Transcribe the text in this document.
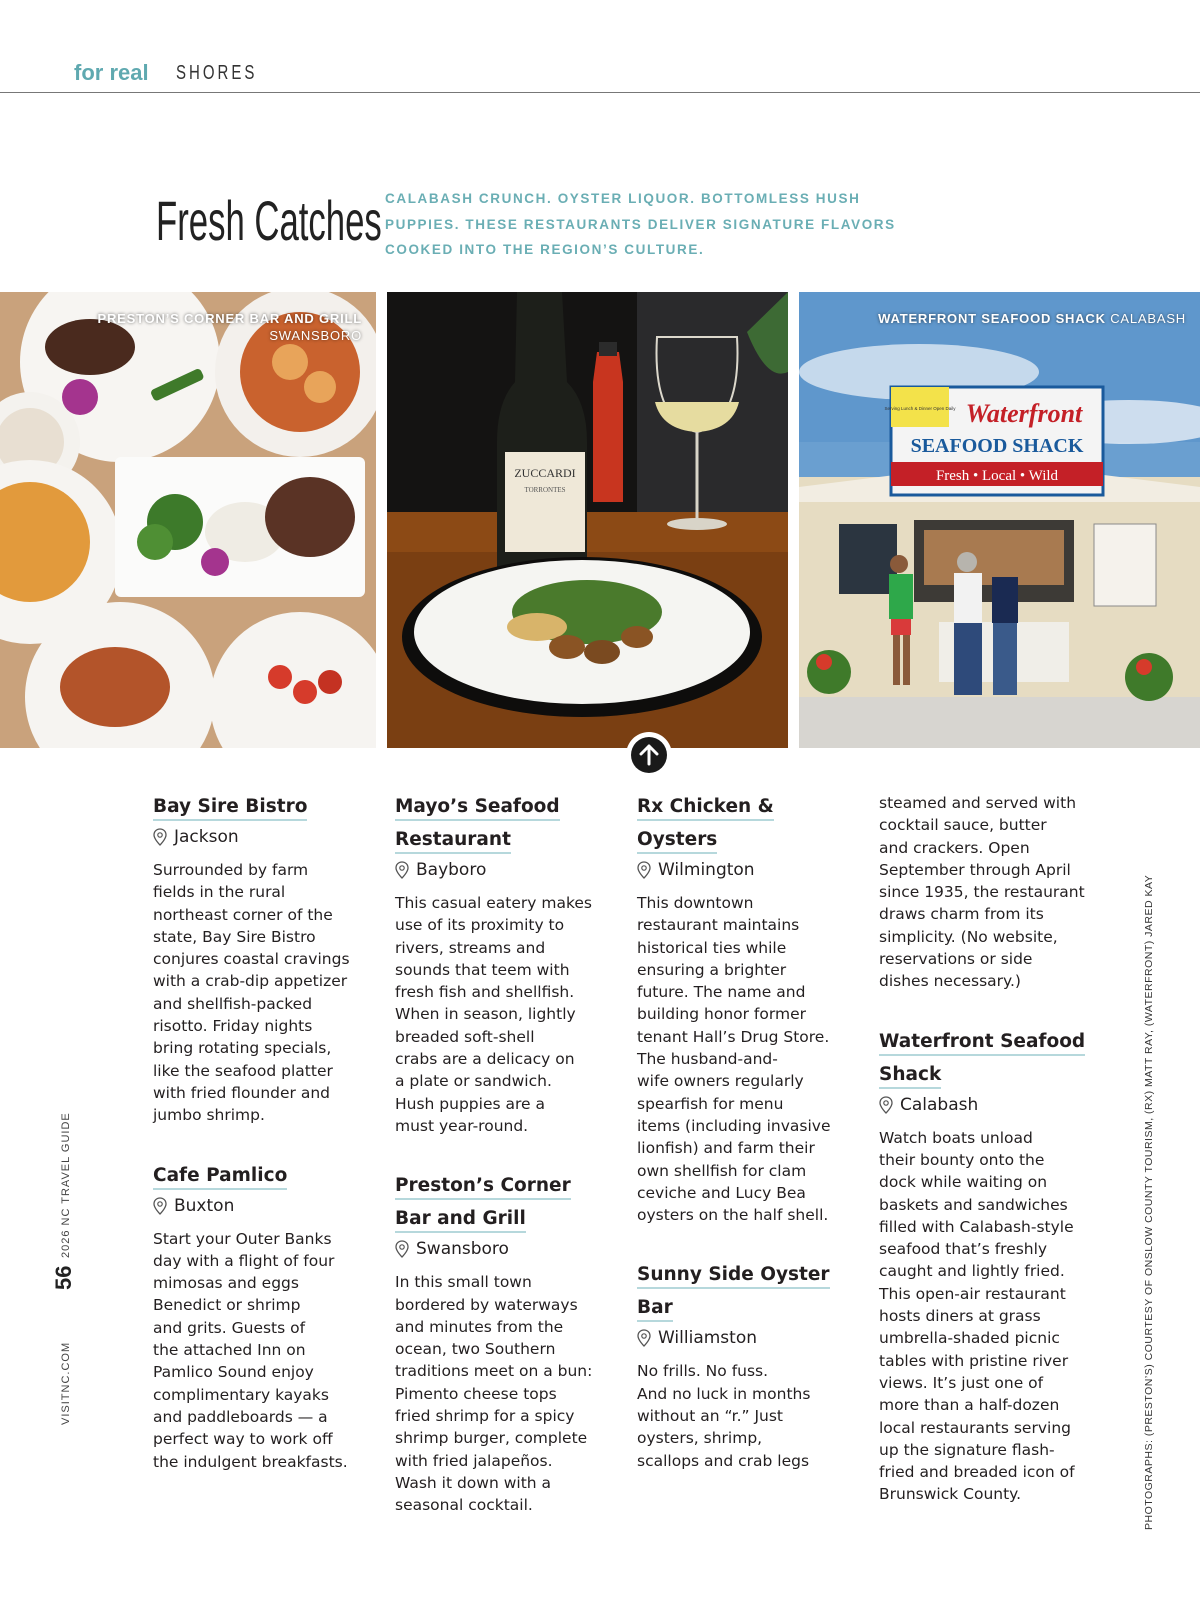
for real SHORES
Fresh Catches CALABASH CRUNCH. OYSTER LIQUOR. BOTTOMLESS HUSH PUPPIES. THESE RESTAURANTS DELIVER SIGNATURE FLAVORS COOKED INTO THE REGION’S CULTURE.

PRESTON’S CORNER BAR AND GRILL
SWANSBORO
ZUCCARDI
TORRONTES
Serving Lunch & Dinner Open Daily Waterfront
SEAFOOD SHACK
Fresh • Local • Wild
WATERFRONT SEAFOOD SHACK CALABASH
Bay Sire Bistro
Jackson

Surrounded by farm
fields in the rural
northeast corner of the
state, Bay Sire Bistro
conjures coastal cravings
with a crab-dip appetizer
and shellfish-packed
risotto. Friday nights
bring rotating specials,
like the seafood platter
with fried flounder and
jumbo shrimp.

Cafe Pamlico
Buxton

Start your Outer Banks
day with a flight of four
mimosas and eggs
Benedict or shrimp
and grits. Guests of
the attached Inn on
Pamlico Sound enjoy
complimentary kayaks
and paddleboards — a
perfect way to work off
the indulgent breakfasts.

Mayo’s Seafood Restaurant
Bayboro

This casual eatery makes
use of its proximity to
rivers, streams and
sounds that teem with
fresh fish and shellfish.
When in season, lightly
breaded soft-shell
crabs are a delicacy on
a plate or sandwich.
Hush puppies are a
must year-round.

Preston’s Corner Bar and Grill
Swansboro

In this small town
bordered by waterways
and minutes from the
ocean, two Southern
traditions meet on a bun:
Pimento cheese tops
fried shrimp for a spicy
shrimp burger, complete
with fried jalapeños.
Wash it down with a
seasonal cocktail.

Rx Chicken & Oysters
Wilmington

This downtown
restaurant maintains
historical ties while
ensuring a brighter
future. The name and
building honor former
tenant Hall’s Drug Store.
The husband-and-
wife owners regularly
spearfish for menu
items (including invasive
lionfish) and farm their
own shellfish for clam
ceviche and Lucy Bea
oysters on the half shell.

Sunny Side Oyster Bar
Williamston

No frills. No fuss.
And no luck in months
without an “r.” Just
oysters, shrimp,
scallops and crab legs

steamed and served with
cocktail sauce, butter
and crackers. Open
September through April
since 1935, the restaurant
draws charm from its
simplicity. (No website,
reservations or side
dishes necessary.)

Waterfront Seafood Shack
Calabash

Watch boats unload
their bounty onto the
dock while waiting on
baskets and sandwiches
filled with Calabash-style
seafood that’s freshly
caught and lightly fried.
This open-air restaurant
hosts diners at grass
umbrella-shaded picnic
tables with pristine river
views. It’s just one of
more than a half-dozen
local restaurants serving
up the signature flash-
fried and breaded icon of
Brunswick County.

2026 NC TRAVEL GUIDE
56
VISITNC.COM	PHOTOGRAPHS: (PRESTON’S) COURTESY OF ONSLOW COUNTY TOURISM, (RX) MATT RAY, (WATERFRONT) JARED KAY
